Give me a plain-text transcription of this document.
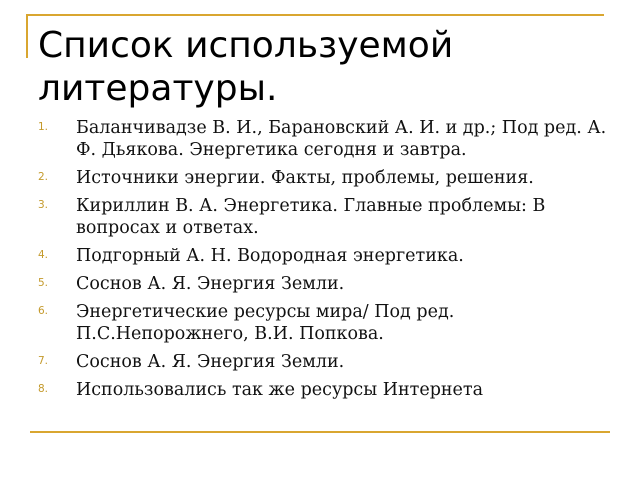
Список используемой литературы.
1. Баланчивадзе В. И., Барановский А. И. и др.; Под ред. А. Ф. Дьякова. Энергетика сегодня и завтра.
2. Источники энергии. Факты, проблемы, решения.
3. Кириллин В. А. Энергетика. Главные проблемы: В вопросах и ответах.
4. Подгорный А. Н. Водородная энергетика.
5. Соснов А. Я. Энергия Земли.
6. Энергетические ресурсы мира/ Под ред. П.С.Непорожнего, В.И. Попкова.
7. Соснов А. Я. Энергия Земли.
8. Использовались так же ресурсы Интернета
